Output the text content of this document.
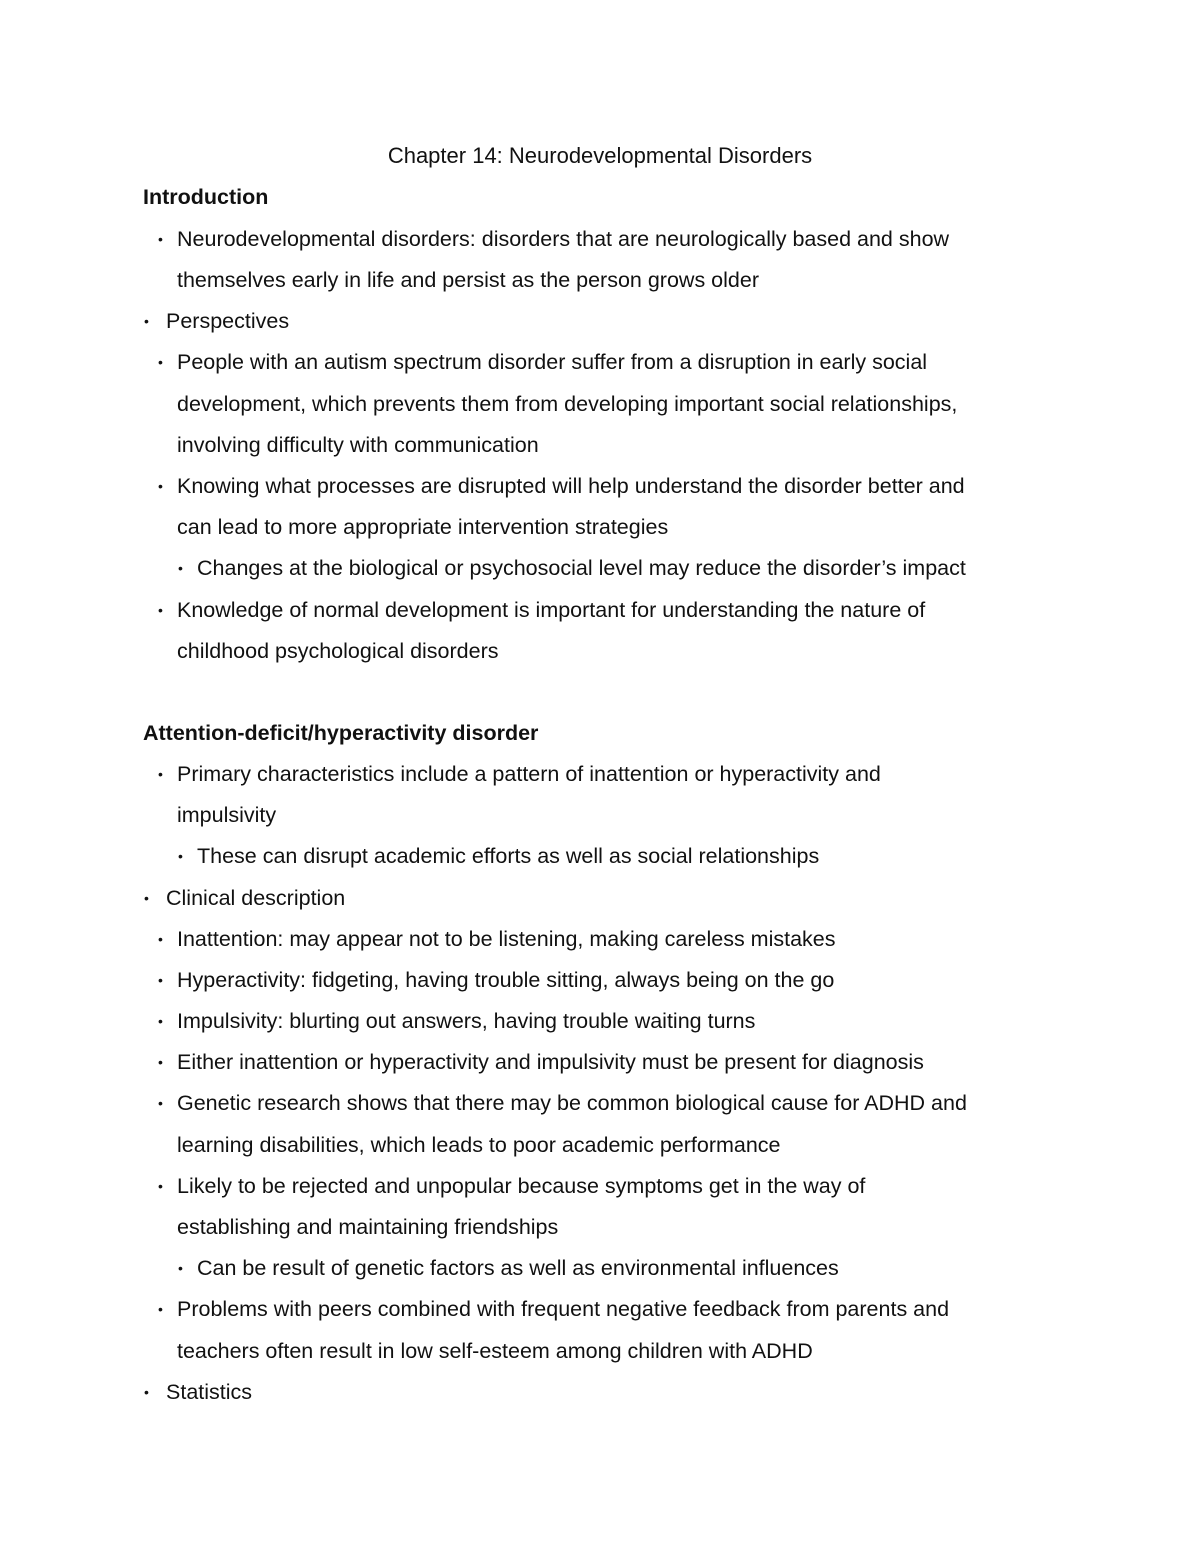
Chapter 14: Neurodevelopmental Disorders
Introduction
• Neurodevelopmental disorders: disorders that are neurologically based and show

themselves early in life and persist as the person grows older

• Perspectives

• People with an autism spectrum disorder suffer from a disruption in early social

development, which prevents them from developing important social relationships,

involving difficulty with communication

• Knowing what processes are disrupted will help understand the disorder better and

can lead to more appropriate intervention strategies

• Changes at the biological or psychosocial level may reduce the disorder’s impact

• Knowledge of normal development is important for understanding the nature of

childhood psychological disorders

Attention-deficit/hyperactivity disorder
• Primary characteristics include a pattern of inattention or hyperactivity and

impulsivity

• These can disrupt academic efforts as well as social relationships

• Clinical description

• Inattention: may appear not to be listening, making careless mistakes

• Hyperactivity: fidgeting, having trouble sitting, always being on the go

• Impulsivity: blurting out answers, having trouble waiting turns

• Either inattention or hyperactivity and impulsivity must be present for diagnosis

• Genetic research shows that there may be common biological cause for ADHD and

learning disabilities, which leads to poor academic performance

• Likely to be rejected and unpopular because symptoms get in the way of

establishing and maintaining friendships

• Can be result of genetic factors as well as environmental influences

• Problems with peers combined with frequent negative feedback from parents and

teachers often result in low self-esteem among children with ADHD

• Statistics
